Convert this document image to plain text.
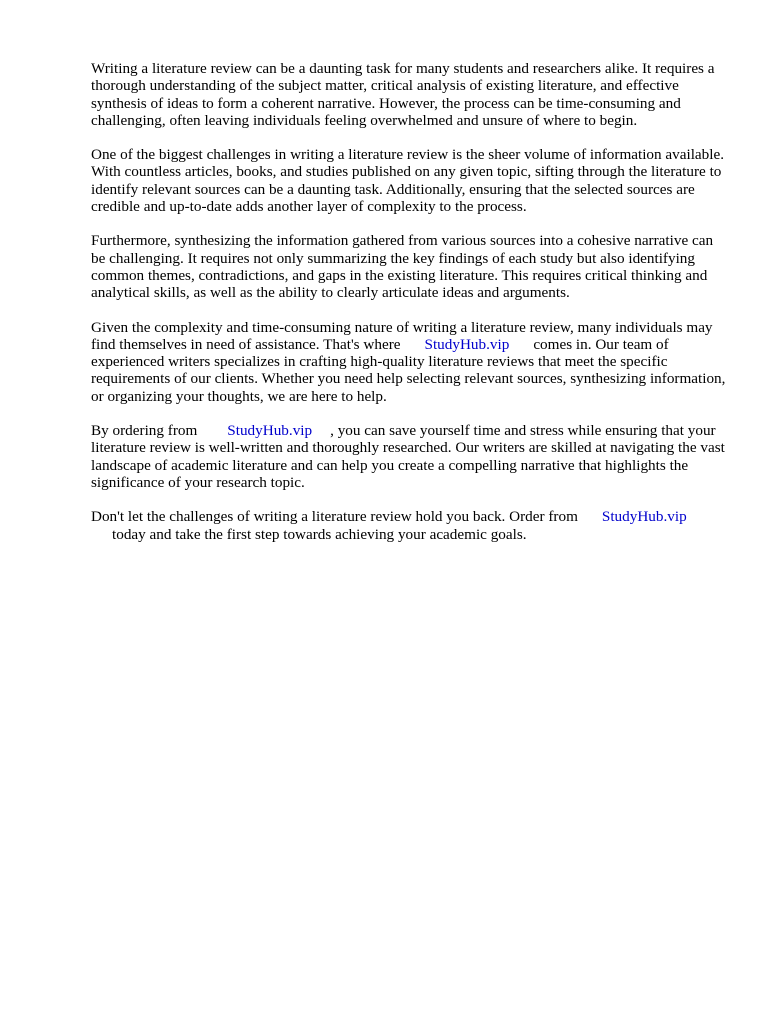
Writing a literature review can be a daunting task for many students and researchers alike. It requires a thorough understanding of the subject matter, critical analysis of existing literature, and effective synthesis of ideas to form a coherent narrative. However, the process can be time-consuming and challenging, often leaving individuals feeling overwhelmed and unsure of where to begin.

One of the biggest challenges in writing a literature review is the sheer volume of information available. With countless articles, books, and studies published on any given topic, sifting through the literature to identify relevant sources can be a daunting task. Additionally, ensuring that the selected sources are credible and up-to-date adds another layer of complexity to the process.

Furthermore, synthesizing the information gathered from various sources into a cohesive narrative can be challenging. It requires not only summarizing the key findings of each study but also identifying common themes, contradictions, and gaps in the existing literature. This requires critical thinking and analytical skills, as well as the ability to clearly articulate ideas and arguments.

Given the complexity and time-consuming nature of writing a literature review, many individuals may find themselves in need of assistance. That's where StudyHub.vip comes in. Our team of experienced writers specializes in crafting high-quality literature reviews that meet the specific requirements of our clients. Whether you need help selecting relevant sources, synthesizing information, or organizing your thoughts, we are here to help.

By ordering from StudyHub.vip , you can save yourself time and stress while ensuring that your literature review is well-written and thoroughly researched. Our writers are skilled at navigating the vast landscape of academic literature and can help you create a compelling narrative that highlights the significance of your research topic.

Don't let the challenges of writing a literature review hold you back. Order from StudyHub.vip
today and take the first step towards achieving your academic goals.
